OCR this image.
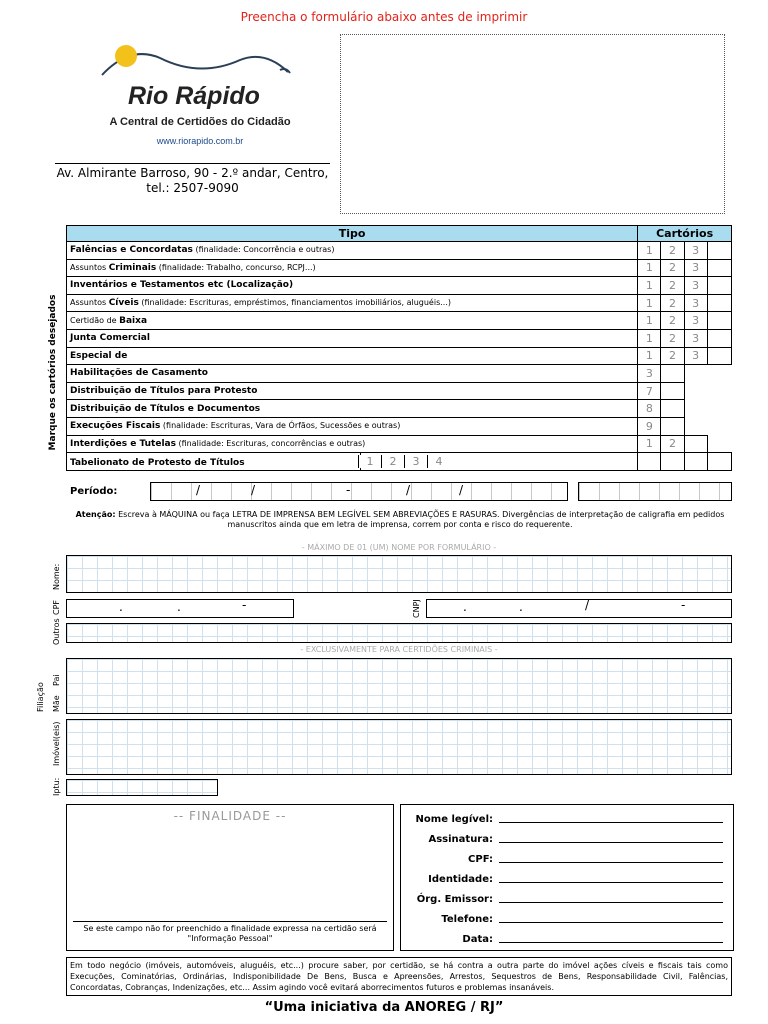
Preencha o formulário abaixo antes de imprimir
Rio Rápido
A Central de Certidões do Cidadão
www.riorapido.com.br
Av. Almirante Barroso, 90 - 2.º andar, Centro, tel.: 2507-9090
Marque os cartórios desejados
Tipo	Cartórios			
Falências e Concordatas (finalidade: Concorrência e outras)	1	2	3	
Assuntos Criminais (finalidade: Trabalho, concurso, RCPJ...)	1	2	3	
Inventários e Testamentos etc (Localização)	1	2	3	
Assuntos Cíveis (finalidade: Escrituras, empréstimos, financiamentos imobiliários, aluguéis...)	1	2	3	
Certidão de Baixa	1	2	3	
Junta Comercial	1	2	3	
Especial de	1	2	3	
Habilitações de Casamento	3			
Distribuição de Títulos para Protesto	7			
Distribuição de Títulos e Documentos	8			
Execuções Fiscais (finalidade: Escrituras, Vara de Órfãos, Sucessões e outras)	9			
Interdições e Tutelas (finalidade: Escrituras, concorrências e outras)	1	2		
Tabelionato de Protesto de Títulos 1 2 3 4				
Período:	/	/	-	/	/
Atenção: Escreva à MÁQUINA ou faça LETRA DE IMPRENSA BEM LEGÍVEL SEM ABREVIAÇÕES E RASURAS. Divergências de interpretação de caligrafia em pedidos manuscritos ainda que em letra de imprensa, correm por conta e risco do requerente.
- MÁXIMO DE 01 (UM) NOME POR FORMULÁRIO -
Nome:
CPF	.	.	-	CNPJ	.	.	/	-
Outros
- EXCLUSIVAMENTE PARA CERTIDÕES CRIMINAIS -
Filiação
Pai
Mãe
Imóvel(eis)
Iptu:
-- FINALIDADE --
Se este campo não for preenchido a finalidade expressa na certidão será "Informação Pessoal"
Nome legível:
Assinatura:
CPF:
Identidade:
Órg. Emissor:
Telefone:
Data:
Em todo negócio (imóveis, automóveis, aluguéis, etc...) procure saber, por certidão, se há contra a outra parte do imóvel ações cíveis e fiscais tais como Execuções, Cominatórias, Ordinárias, Indisponibilidade De Bens, Busca e Apreensões, Arrestos, Sequestros de Bens, Responsabilidade Civil, Falências, Concordatas, Cobranças, Indenizações, etc... Assim agindo você evitará aborrecimentos futuros e problemas insanáveis.
“Uma iniciativa da ANOREG / RJ”
